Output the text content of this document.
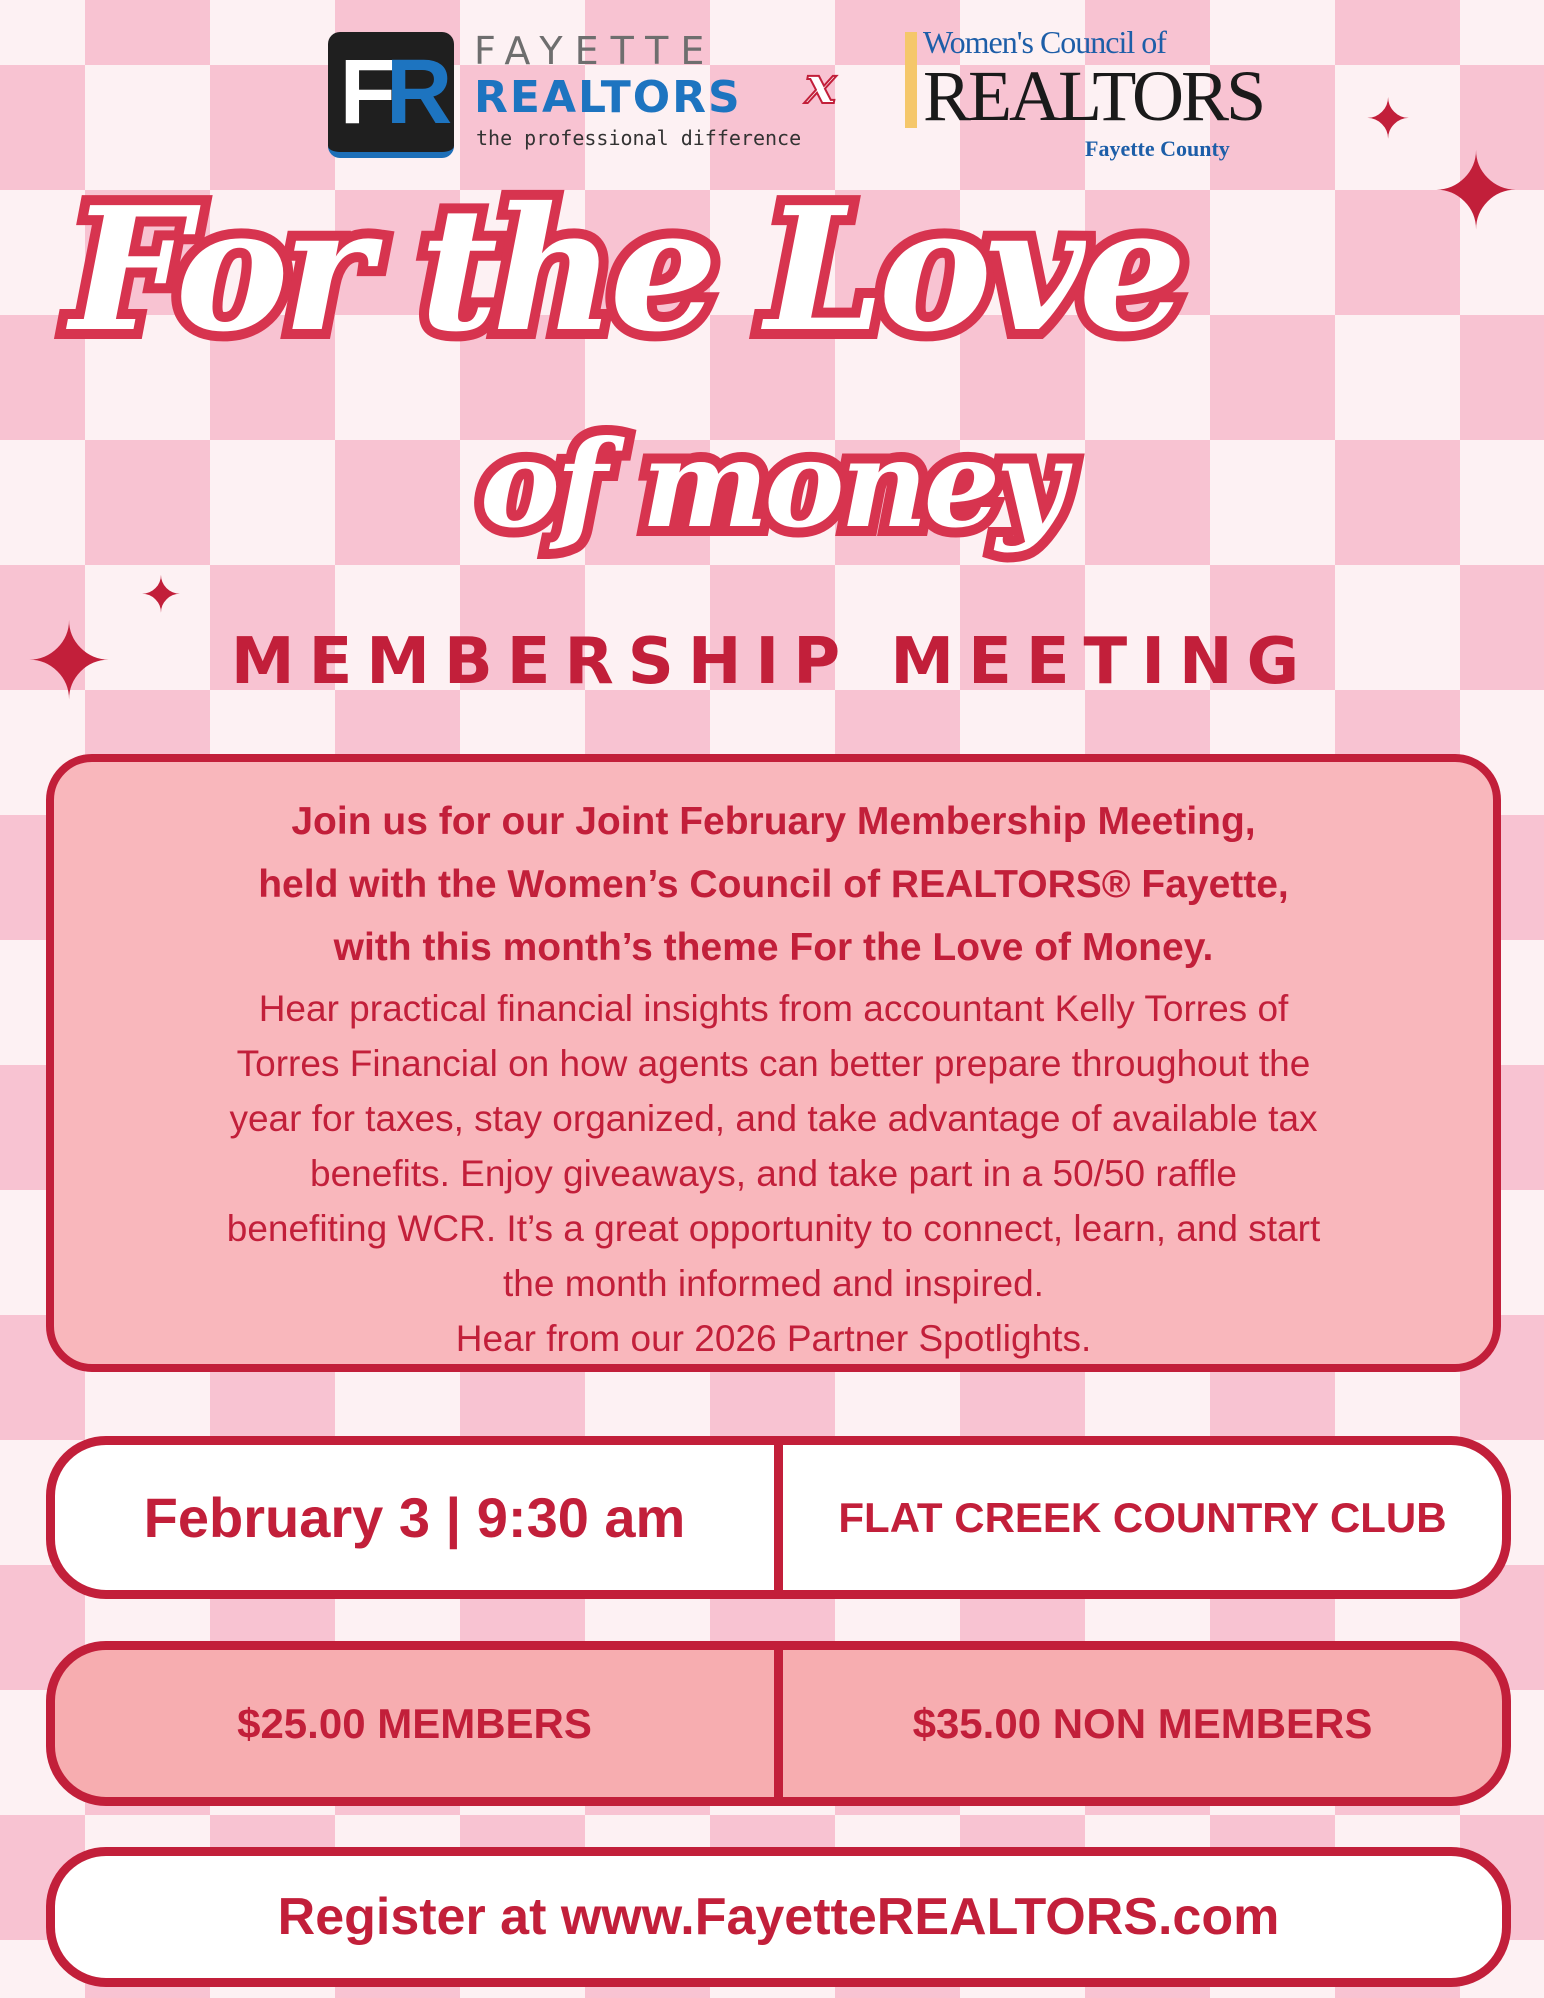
F R FAYETTE
REALTORS
the professional difference
x
Women's Council of
REALTORS
Fayette County ✦
✦
✦
✦
For the Love
of money
MEMBERSHIP MEETING
Join us for our Joint February Membership Meeting,
held with the Women’s Council of REALTORS® Fayette,
with this month’s theme For the Love of Money.
Hear practical financial insights from accountant Kelly Torres of
Torres Financial on how agents can better prepare throughout the
year for taxes, stay organized, and take advantage of available tax
benefits. Enjoy giveaways, and take part in a 50/50 raffle
benefiting WCR. It’s a great opportunity to connect, learn, and start
the month informed and inspired.
Hear from our 2026 Partner Spotlights.
February 3 | 9:30 am	FLAT CREEK COUNTRY CLUB
$25.00 MEMBERS	$35.00 NON MEMBERS
Register at www.FayetteREALTORS.com
